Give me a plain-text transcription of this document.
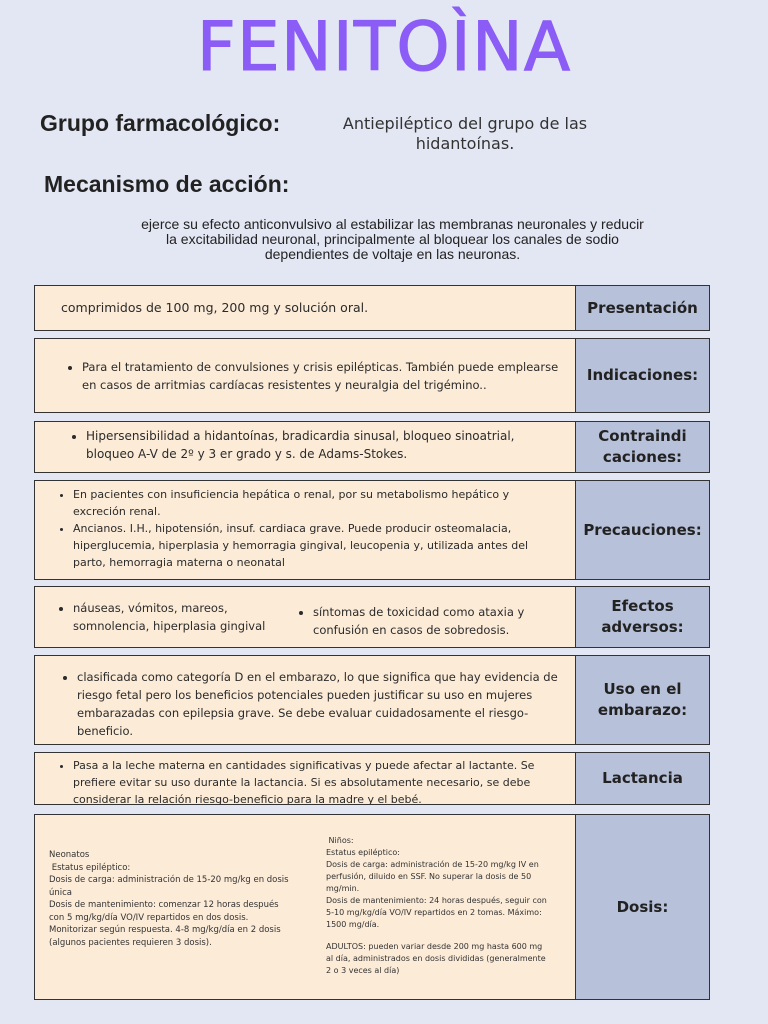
FENITOÌNA
Grupo farmacológico:	Antiepiléptico del grupo de las hidantoínas.
Mecanismo de acción:
ejerce su efecto anticonvulsivo al estabilizar las membranas neuronales y reducir la excitabilidad neuronal, principalmente al bloquear los canales de sodio dependientes de voltaje en las neuronas.
comprimidos de 100 mg, 200 mg y solución oral.	Presentación
• Para el tratamiento de convulsiones y crisis epilépticas. También puede emplearse en casos de arritmias cardíacas resistentes y neuralgia del trigémino..
Indicaciones:
• Hipersensibilidad a hidantoínas, bradicardia sinusal, bloqueo sinoatrial, bloqueo A-V de 2º y 3 er grado y s. de Adams-Stokes.
Contraindicaciones:
• En pacientes con insuficiencia hepática o renal, por su metabolismo hepático y excreción renal.
• Ancianos. I.H., hipotensión, insuf. cardiaca grave. Puede producir osteomalacia, hiperglucemia, hiperplasia y hemorragia gingival, leucopenia y, utilizada antes del parto, hemorragia materna o neonatal
Precauciones:
• náuseas, vómitos, mareos, somnolencia, hiperplasia gingival
• síntomas de toxicidad como ataxia y confusión en casos de sobredosis.
Efectos adversos:
• clasificada como categoría D en el embarazo, lo que significa que hay evidencia de riesgo fetal pero los beneficios potenciales pueden justificar su uso en mujeres embarazadas con epilepsia grave. Se debe evaluar cuidadosamente el riesgo-beneficio.
Uso en el embarazo:
• Pasa a la leche materna en cantidades significativas y puede afectar al lactante. Se prefiere evitar su uso durante la lactancia. Si es absolutamente necesario, se debe considerar la relación riesgo-beneficio para la madre y el bebé.
Lactancia
Neonatos
Estatus epiléptico:
Dosis de carga: administración de 15-20 mg/kg en dosis única
Dosis de mantenimiento: comenzar 12 horas después con 5 mg/kg/día VO/IV repartidos en dos dosis.
Monitorizar según respuesta. 4-8 mg/kg/día en 2 dosis (algunos pacientes requieren 3 dosis).
Niños:
Estatus epiléptico:
Dosis de carga: administración de 15-20 mg/kg IV en perfusión, diluido en SSF. No superar la dosis de 50 mg/min.
Dosis de mantenimiento: 24 horas después, seguir con 5-10 mg/kg/día VO/IV repartidos en 2 tomas. Máximo: 1500 mg/día.
ADULTOS: pueden variar desde 200 mg hasta 600 mg al día, administrados en dosis divididas (generalmente 2 o 3 veces al día)
Dosis:
